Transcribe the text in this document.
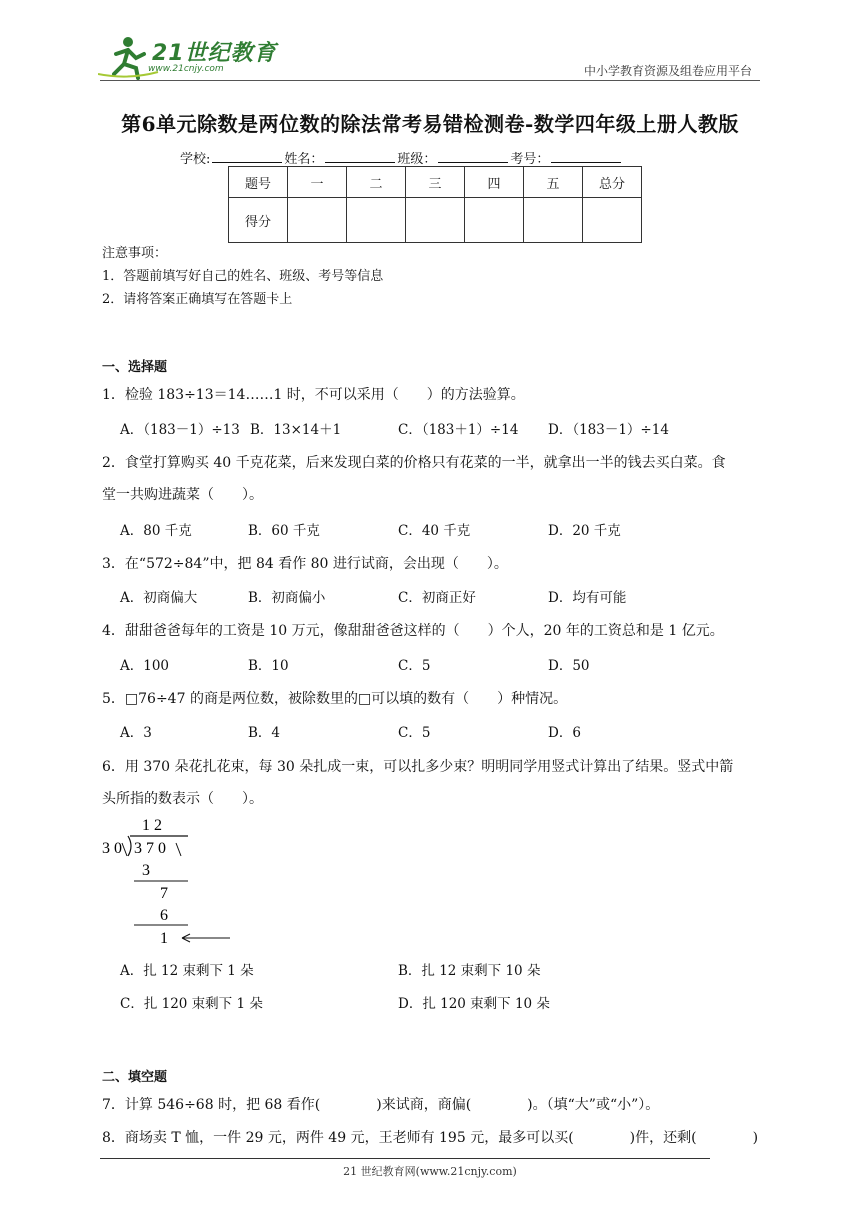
21世纪教育
www.21cnjy.com	中小学教育资源及组卷应用平台
第6单元除数是两位数的除法常考易错检测卷-数学四年级上册人教版
学校:	姓名：	班级：	考号：
题号	一	二	三	四	五	总分
得分						
注意事项：
1．答题前填写好自己的姓名、班级、考号等信息
2．请将答案正确填写在答题卡上
一、选择题
1．检验 183÷13＝14……1 时，不可以采用（　　）的方法验算。
A．（183－1）÷13 B．13×14＋1	C．（183＋1）÷14 D．（183－1）÷14
2．食堂打算购买 40 千克花菜，后来发现白菜的价格只有花菜的一半，就拿出一半的钱去买白菜。食
堂一共购进蔬菜（　　）。
A．80 千克	B．60 千克	C．40 千克	D．20 千克
3．在“572÷84”中，把 84 看作 80 进行试商，会出现（　　）。
A．初商偏大	B．初商偏小	C．初商正好	D．均有可能
4．甜甜爸爸每年的工资是 10 万元，像甜甜爸爸这样的（　　）个人，20 年的工资总和是 1 亿元。
A．100	B．10	C．5	D．50
5．□76÷47 的商是两位数，被除数里的□可以填的数有（　　）种情况。
A．3	B．4	C．5	D．6
6．用 370 朵花扎花束，每 30 朵扎成一束，可以扎多少束？明明同学用竖式计算出了结果。竖式中箭
头所指的数表示（　　）。
1 2
3 0 3 7 0
3
7
6
1
A．扎 12 束剩下 1 朵	B．扎 12 束剩下 10 朵
C．扎 120 束剩下 1 朵	D．扎 120 束剩下 10 朵
二、填空题
7．计算 546÷68 时，把 68 看作(　　　　)来试商，商偏(　　　　)。（填“大”或“小”）。
8．商场卖 T 恤，一件 29 元，两件 49 元，王老师有 195 元，最多可以买(　　　　)件，还剩(　　　　)
21 世纪教育网(www.21cnjy.com)
